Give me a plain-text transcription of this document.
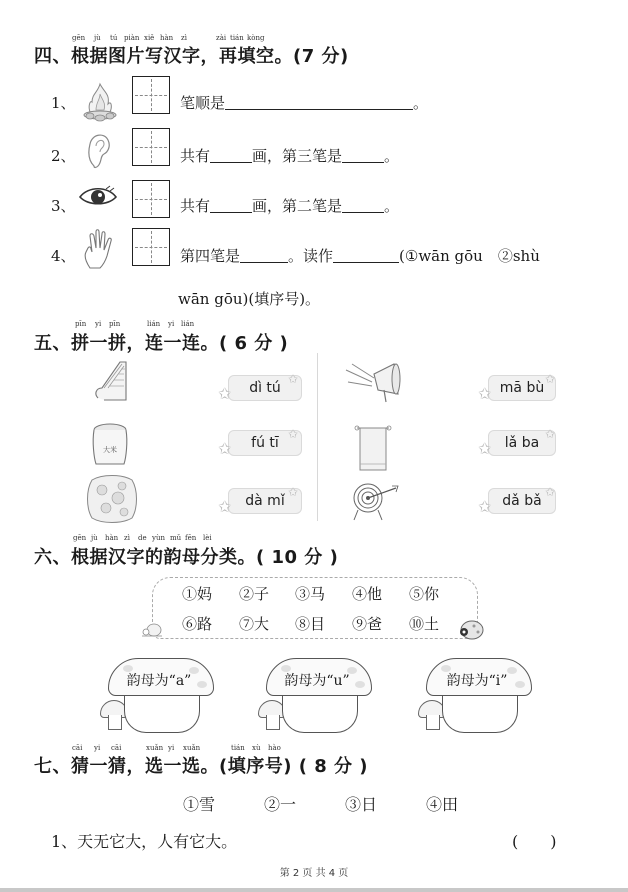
gēn jù tú piàn xiě hàn zì	zài tián kòng
四、根据图片写汉字，再填空。(7 分)
1、	笔顺是	。
2、	共有	画，第三笔是	。
3、	共有	画，第二笔是	。
4、	第四笔是	。读作	(①wān gōu　②shù
wān gōu)(填序号)。
pīn yi pīn	lián yi lián
五、拼一拼，连一连。( 6 分 )
大米
dì tú
✩
✩
fú tī
✩
✩
dà mǐ
✩
✩
mā bù
✩
✩
lǎ ba
✩
✩
dǎ bǎ
✩
✩
gēn jù hàn zì de yùn mǔ fēn lèi
六、根据汉字的韵母分类。( 10 分 )
①妈 ②子 ③马 ④他 ⑤你
⑥路 ⑦大 ⑧目 ⑨爸 ⑩土
韵母为“a”	韵母为“u”	韵母为“i”
cāi yi cāi	xuǎn yi xuǎn	tián xù hào
七、猜一猜，选一选。(填序号) ( 8 分 )
①雪	②一	③日	④田
1、天无它大，人有它大。	(　　)
第 2 页 共 4 页
